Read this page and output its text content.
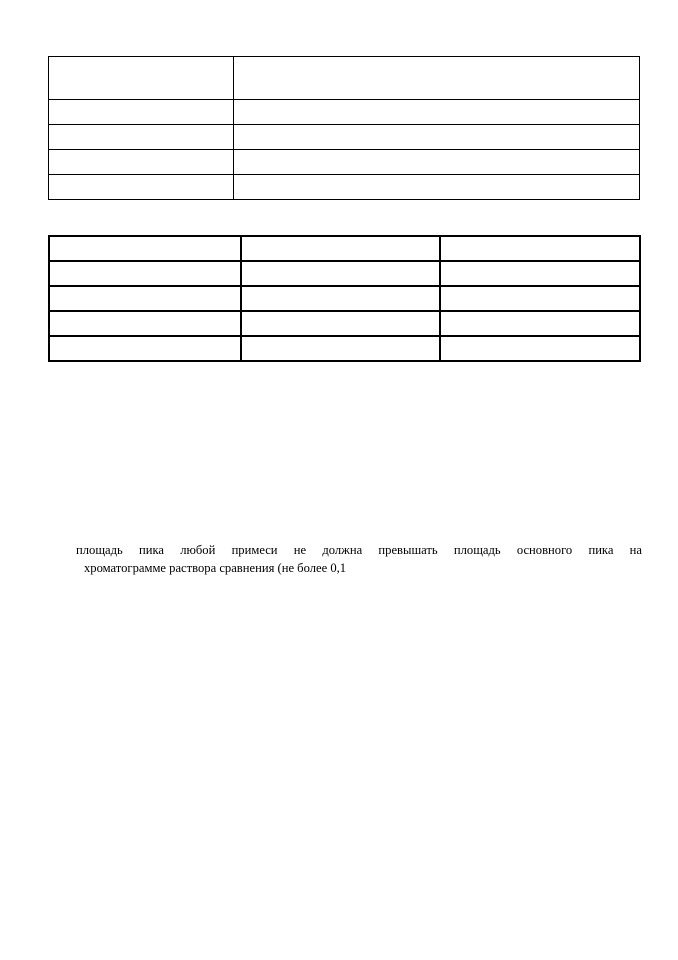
площадь пика любой примеси не должна превышать площадь основного пика на
хроматограмме раствора сравнения (не более 0,1
